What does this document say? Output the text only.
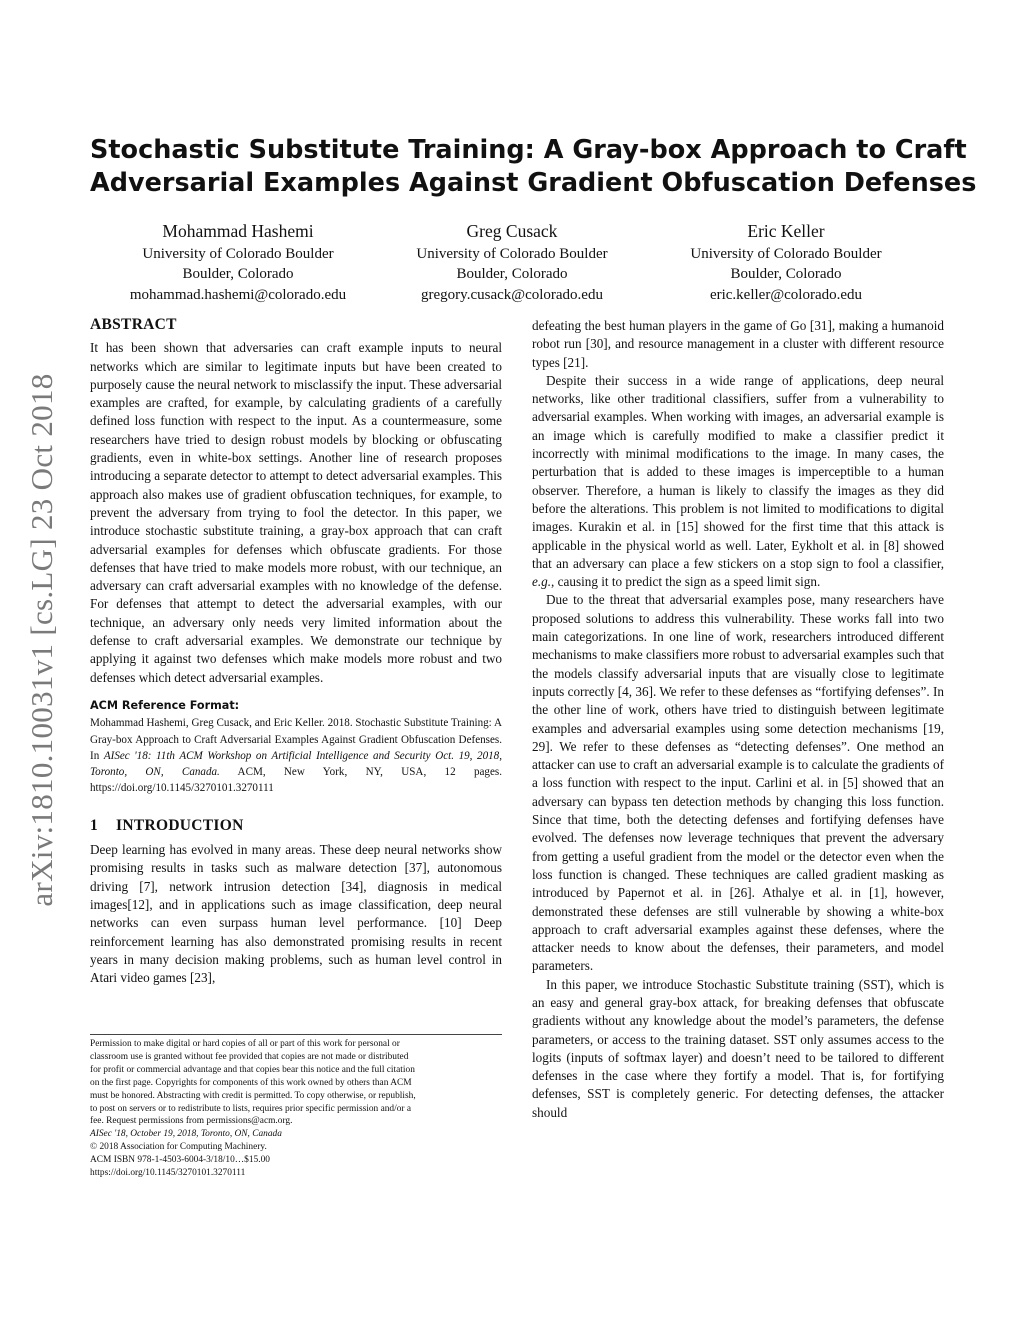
arXiv:1810.10031v1 [cs.LG] 23 Oct 2018
Stochastic Substitute Training: A Gray-box Approach to Craft
Adversarial Examples Against Gradient Obfuscation Defenses
Mohammad Hashemi
University of Colorado Boulder
Boulder, Colorado
mohammad.hashemi@colorado.edu
Greg Cusack
University of Colorado Boulder
Boulder, Colorado
gregory.cusack@colorado.edu
Eric Keller
University of Colorado Boulder
Boulder, Colorado
eric.keller@colorado.edu
ABSTRACT

It has been shown that adversaries can craft example inputs to neural networks which are similar to legitimate inputs but have been created to purposely cause the neural network to misclassify the input. These adversarial examples are crafted, for example, by calculating gradients of a carefully defined loss function with respect to the input. As a countermeasure, some researchers have tried to design robust models by blocking or obfuscating gradients, even in white-box settings. Another line of research proposes introducing a separate detector to attempt to detect adversarial examples. This approach also makes use of gradient obfuscation techniques, for example, to prevent the adversary from trying to fool the detector. In this paper, we introduce stochastic substitute training, a gray-box approach that can craft adversarial examples for defenses which obfuscate gradients. For those defenses that have tried to make models more robust, with our technique, an adversary can craft adversarial examples with no knowledge of the defense. For defenses that attempt to detect the adversarial examples, with our technique, an adversary only needs very limited information about the defense to craft adversarial examples. We demonstrate our technique by applying it against two defenses which make models more robust and two defenses which detect adversarial examples.

ACM Reference Format:

Mohammad Hashemi, Greg Cusack, and Eric Keller. 2018. Stochastic Substitute Training: A Gray-box Approach to Craft Adversarial Examples Against Gradient Obfuscation Defenses. In AISec '18: 11th ACM Workshop on Artificial Intelligence and Security Oct. 19, 2018, Toronto, ON, Canada. ACM, New York, NY, USA, 12 pages. https://doi.org/10.1145/3270101.3270111

1 INTRODUCTION

Deep learning has evolved in many areas. These deep neural networks show promising results in tasks such as malware detection [37], autonomous driving [7], network intrusion detection [34], diagnosis in medical images[12], and in applications such as image classification, deep neural networks can even surpass human level performance. [10] Deep reinforcement learning has also demonstrated promising results in recent years in many decision making problems, such as human level control in Atari video games [23],

Permission to make digital or hard copies of all or part of this work for personal or
classroom use is granted without fee provided that copies are not made or distributed
for profit or commercial advantage and that copies bear this notice and the full citation
on the first page. Copyrights for components of this work owned by others than ACM
must be honored. Abstracting with credit is permitted. To copy otherwise, or republish,
to post on servers or to redistribute to lists, requires prior specific permission and/or a
fee. Request permissions from permissions@acm.org.
AISec '18, October 19, 2018, Toronto, ON, Canada
© 2018 Association for Computing Machinery.
ACM ISBN 978-1-4503-6004-3/18/10…$15.00
https://doi.org/10.1145/3270101.3270111

defeating the best human players in the game of Go [31], making a humanoid robot run [30], and resource management in a cluster with different resource types [21].

Despite their success in a wide range of applications, deep neural networks, like other traditional classifiers, suffer from a vulnerability to adversarial examples. When working with images, an adversarial example is an image which is carefully modified to make a classifier predict it incorrectly with minimal modifications to the image. In many cases, the perturbation that is added to these images is imperceptible to a human observer. Therefore, a human is likely to classify the images as they did before the alterations. This problem is not limited to modifications to digital images. Kurakin et al. in [15] showed for the first time that this attack is applicable in the physical world as well. Later, Eykholt et al. in [8] showed that an adversary can place a few stickers on a stop sign to fool a classifier, e.g., causing it to predict the sign as a speed limit sign.

Due to the threat that adversarial examples pose, many researchers have proposed solutions to address this vulnerability. These works fall into two main categorizations. In one line of work, researchers introduced different mechanisms to make classifiers more robust to adversarial examples such that the models classify adversarial inputs that are visually close to legitimate inputs correctly [4, 36]. We refer to these defenses as “fortifying defenses”. In the other line of work, others have tried to distinguish between legitimate examples and adversarial examples using some detection mechanisms [19, 29]. We refer to these defenses as “detecting defenses”. One method an attacker can use to craft an adversarial example is to calculate the gradients of a loss function with respect to the input. Carlini et al. in [5] showed that an adversary can bypass ten detection methods by changing this loss function. Since that time, both the detecting defenses and fortifying defenses have evolved. The defenses now leverage techniques that prevent the adversary from getting a useful gradient from the model or the detector even when the loss function is changed. These techniques are called gradient masking as introduced by Papernot et al. in [26]. Athalye et al. in [1], however, demonstrated these defenses are still vulnerable by showing a white-box approach to craft adversarial examples against these defenses, where the attacker needs to know about the defenses, their parameters, and model parameters.

In this paper, we introduce Stochastic Substitute training (SST), which is an easy and general gray-box attack, for breaking defenses that obfuscate gradients without any knowledge about the model’s parameters, the defense parameters, or access to the training dataset. SST only assumes access to the logits (inputs of softmax layer) and doesn’t need to be tailored to different defenses in the case where they fortify a model. That is, for fortifying defenses, SST is completely generic. For detecting defenses, the attacker should
